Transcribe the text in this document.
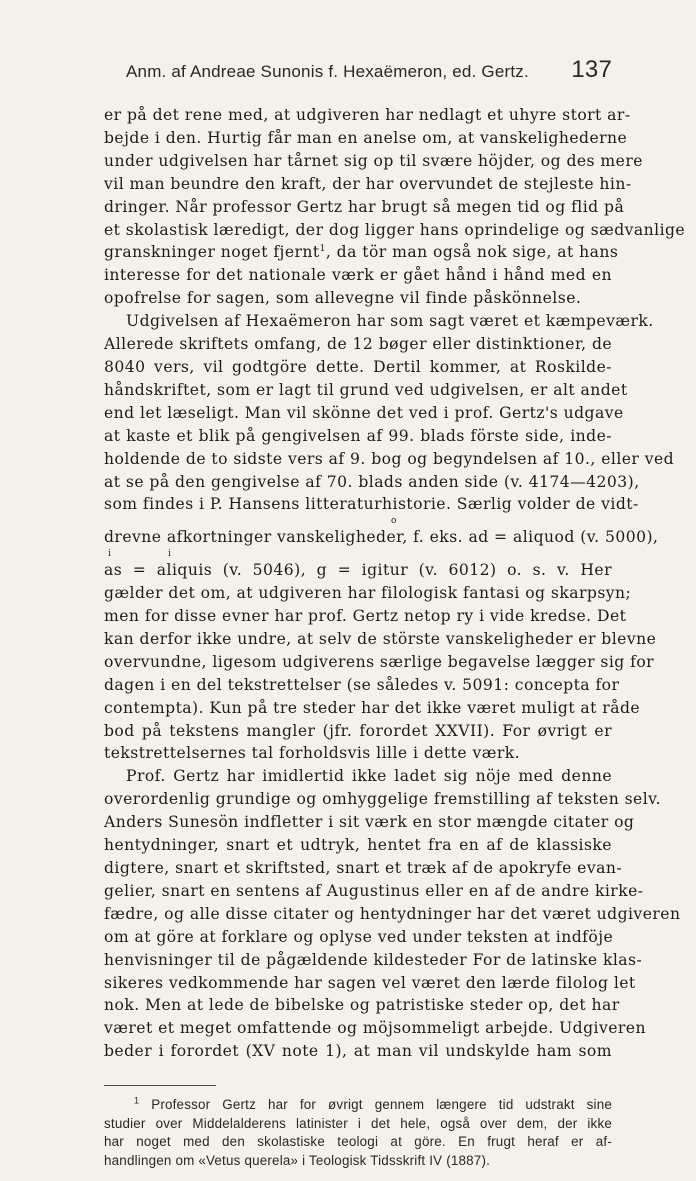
Anm. af Andreae Sunonis f. Hexaëmeron, ed. Gertz. 137
er på det rene med, at udgiveren har nedlagt et uhyre stort ar-
bejde i den. Hurtig får man en anelse om, at vanskelighederne
under udgivelsen har tårnet sig op til svære höjder, og des mere
vil man beundre den kraft, der har overvundet de stejleste hin-
dringer. Når professor Gertz har brugt så megen tid og flid på
et skolastisk læredigt, der dog ligger hans oprindelige og sædvanlige
granskninger noget fjernt$^1$, da tör man også nok sige, at hans
interesse for det nationale værk er gået hånd i hånd med en
opofrelse for sagen, som allevegne vil finde påskönnelse.
Udgivelsen af Hexaëmeron har som sagt været et kæmpeværk.
Allerede skriftets omfang, de 12 bøger eller distinktioner, de
8040 vers, vil godtgöre dette. Dertil kommer, at Roskilde-
håndskriftet, som er lagt til grund ved udgivelsen, er alt andet
end let læseligt. Man vil skönne det ved i prof. Gertz's udgave
at kaste et blik på gengivelsen af 99. blads förste side, inde-
holdende de to sidste vers af 9. bog og begyndelsen af 10., eller ved
at se på den gengivelse af 70. blads anden side (v. 4174—4203),
som findes i P. Hansens litteraturhistorie. Særlig volder de vidt-
o
drevne afkortninger vanskeligheder, f. eks. ad = aliquod (v. 5000),
i                    i
as = aliquis (v. 5046), g = igitur (v. 6012) o. s. v. Her
gælder det om, at udgiveren har filologisk fantasi og skarpsyn;
men for disse evner har prof. Gertz netop ry i vide kredse. Det
kan derfor ikke undre, at selv de störste vanskeligheder er blevne
overvundne, ligesom udgiverens særlige begavelse lægger sig for
dagen i en del tekstrettelser (se således v. 5091: concepta for
contempta). Kun på tre steder har det ikke været muligt at råde
bod på tekstens mangler (jfr. forordet XXVII). For øvrigt er
tekstrettelsernes tal forholdsvis lille i dette værk.
Prof. Gertz har imidlertid ikke ladet sig nöje med denne
overordenlig grundige og omhyggelige fremstilling af teksten selv.
Anders Sunesön indfletter i sit værk en stor mængde citater og
hentydninger, snart et udtryk, hentet fra en af de klassiske
digtere, snart et skriftsted, snart et træk af de apokryfe evan-
gelier, snart en sentens af Augustinus eller en af de andre kirke-
fædre, og alle disse citater og hentydninger har det været udgiveren
om at göre at forklare og oplyse ved under teksten at indföje
henvisninger til de pågældende kildesteder For de latinske klas-
sikeres vedkommende har sagen vel været den lærde filolog let
nok. Men at lede de bibelske og patristiske steder op, det har
været et meget omfattende og möjsommeligt arbejde. Udgiveren
beder i forordet (XV note 1), at man vil undskylde ham som
$^1$ Professor Gertz har for øvrigt gennem længere tid udstrakt sine
studier over Middelalderens latinister i det hele, også over dem, der ikke
har noget med den skolastiske teologi at göre. En frugt heraf er af-
handlingen om «Vetus querela» i Teologisk Tidsskrift IV (1887).
